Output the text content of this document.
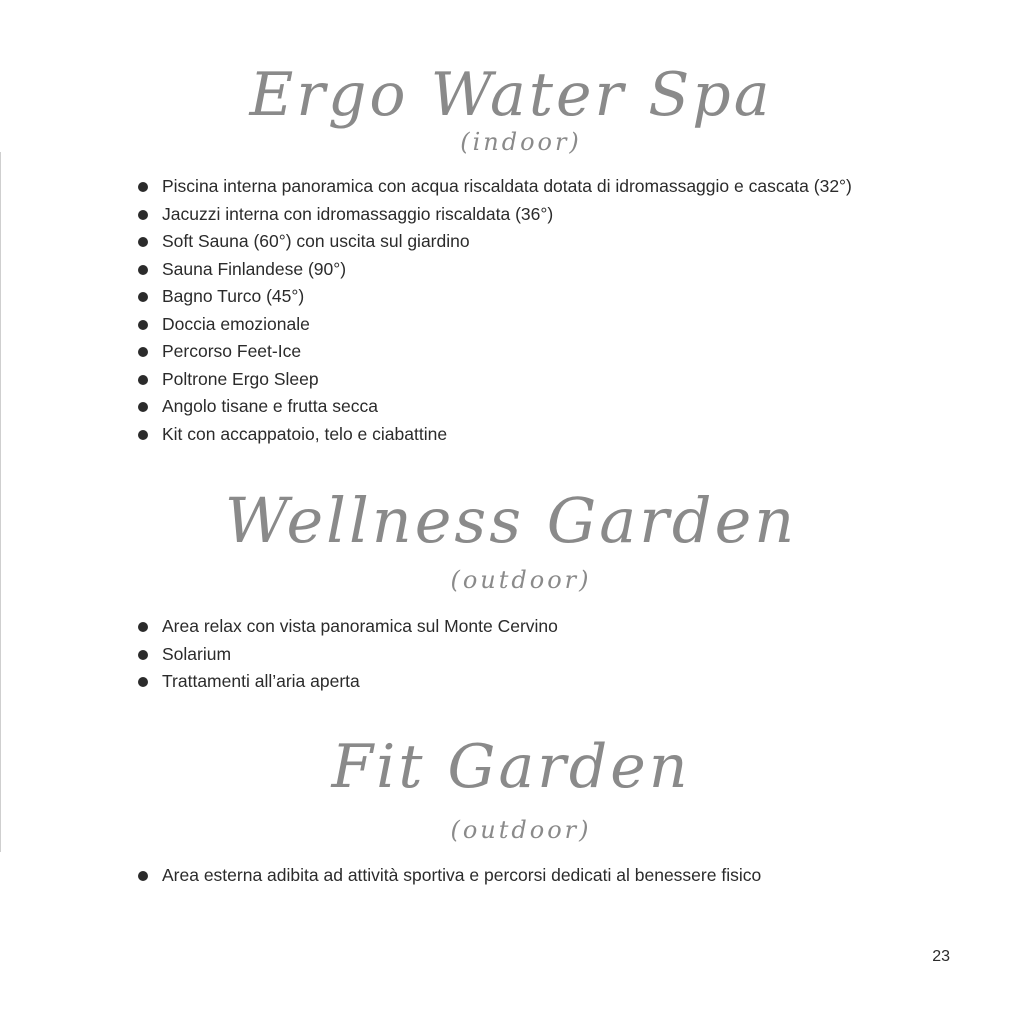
Ergo Water Spa
(indoor)
Piscina interna panoramica con acqua riscaldata dotata di idromassaggio e cascata (32°)
Jacuzzi interna con idromassaggio riscaldata (36°)
Soft Sauna (60°) con uscita sul giardino
Sauna Finlandese (90°)
Bagno Turco (45°)
Doccia emozionale
Percorso Feet-Ice
Poltrone Ergo Sleep
Angolo tisane e frutta secca
Kit con accappatoio, telo e ciabattine
Wellness Garden
(outdoor)
Area relax con vista panoramica sul Monte Cervino
Solarium
Trattamenti all’aria aperta
Fit Garden
(outdoor)
Area esterna adibita ad attività sportiva e percorsi dedicati al benessere fisico
23
